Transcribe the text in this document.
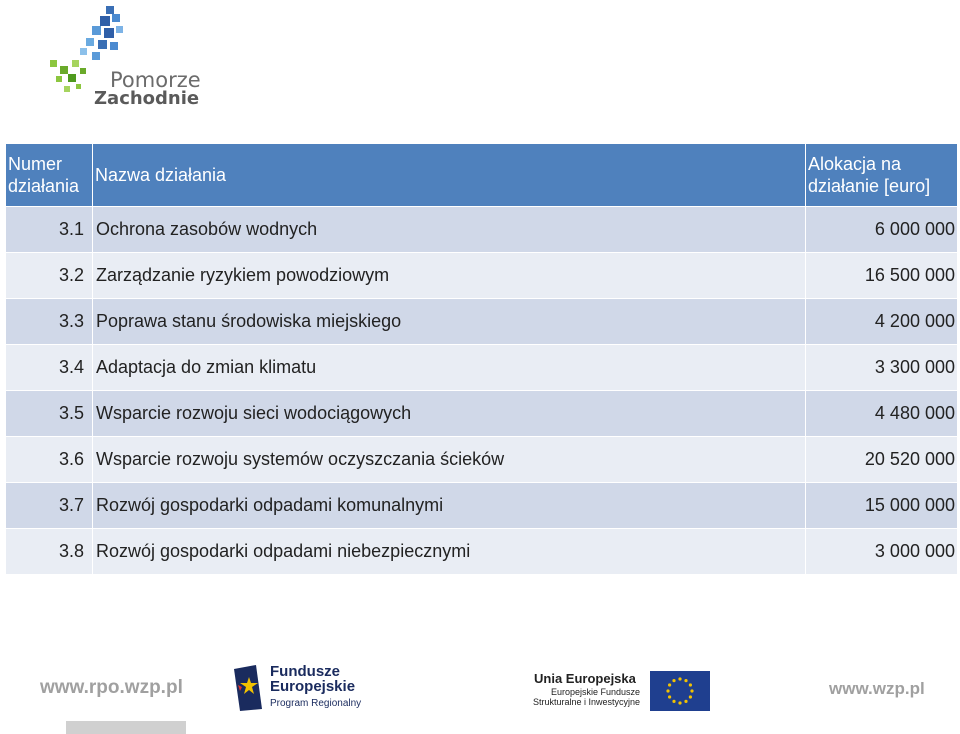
Pomorze
Zachodnie
Numer działania	Nazwa działania	Alokacja na działanie [euro]
3.1	Ochrona zasobów wodnych	6 000 000
3.2	Zarządzanie ryzykiem powodziowym	16 500 000
3.3	Poprawa stanu środowiska miejskiego	4 200 000
3.4	Adaptacja do zmian klimatu	3 300 000
3.5	Wsparcie rozwoju sieci wodociągowych	4 480 000
3.6	Wsparcie rozwoju systemów oczyszczania ścieków	20 520 000
3.7	Rozwój gospodarki odpadami komunalnymi	15 000 000
3.8	Rozwój gospodarki odpadami niebezpiecznymi	3 000 000
www.rpo.wzp.pl
Fundusze
Europejskie
Program Regionalny
Unia Europejska
Europejskie Fundusze
Strukturalne i Inwestycyjne
www.wzp.pl
